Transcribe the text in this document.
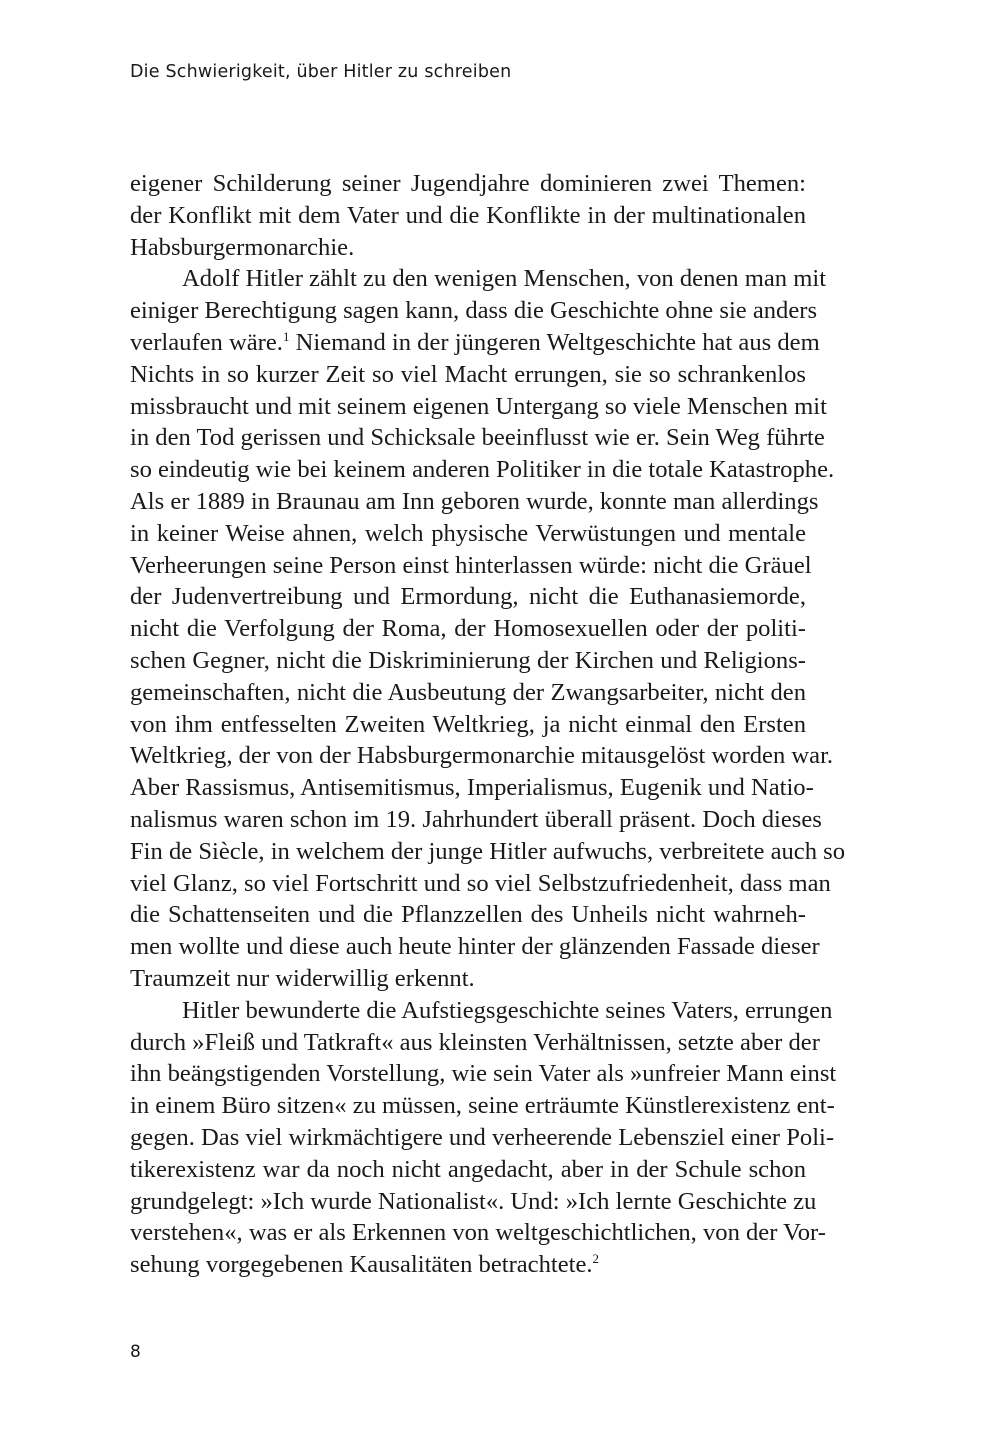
Die Schwierigkeit, über Hitler zu schreiben
eigener Schilderung seiner Jugendjahre dominieren zwei Themen:
der Konflikt mit dem Vater und die Konflikte in der multinationalen
Habsburgermonarchie.
Adolf Hitler zählt zu den wenigen Menschen, von denen man mit
einiger Berechtigung sagen kann, dass die Geschichte ohne sie anders
verlaufen wäre.$^1$ Niemand in der jüngeren Weltgeschichte hat aus dem
Nichts in so kurzer Zeit so viel Macht errungen, sie so schrankenlos
missbraucht und mit seinem eigenen Untergang so viele Menschen mit
in den Tod gerissen und Schicksale beeinflusst wie er. Sein Weg führte
so eindeutig wie bei keinem anderen Politiker in die totale Katastrophe.
Als er 1889 in Braunau am Inn geboren wurde, konnte man allerdings
in keiner Weise ahnen, welch physische Verwüstungen und mentale
Verheerungen seine Person einst hinterlassen würde: nicht die Gräuel
der Judenvertreibung und Ermordung, nicht die Euthanasiemorde,
nicht die Verfolgung der Roma, der Homosexuellen oder der politi-
schen Gegner, nicht die Diskriminierung der Kirchen und Religions-
gemeinschaften, nicht die Ausbeutung der Zwangsarbeiter, nicht den
von ihm entfesselten Zweiten Weltkrieg, ja nicht einmal den Ersten
Weltkrieg, der von der Habsburgermonarchie mitausgelöst worden war.
Aber Rassismus, Antisemitismus, Imperialismus, Eugenik und Natio-
nalismus waren schon im 19. Jahrhundert überall präsent. Doch dieses
Fin de Siècle, in welchem der junge Hitler aufwuchs, verbreitete auch so
viel Glanz, so viel Fortschritt und so viel Selbstzufriedenheit, dass man
die Schattenseiten und die Pflanzzellen des Unheils nicht wahrneh-
men wollte und diese auch heute hinter der glänzenden Fassade dieser
Traumzeit nur widerwillig erkennt.
Hitler bewunderte die Aufstiegsgeschichte seines Vaters, errungen
durch »Fleiß und Tatkraft« aus kleinsten Verhältnissen, setzte aber der
ihn beängstigenden Vorstellung, wie sein Vater als »unfreier Mann einst
in einem Büro sitzen« zu müssen, seine erträumte Künstlerexistenz ent-
gegen. Das viel wirkmächtigere und verheerende Lebensziel einer Poli-
tikerexistenz war da noch nicht angedacht, aber in der Schule schon
grundgelegt: »Ich wurde Nationalist«. Und: »Ich lernte Geschichte zu
verstehen«, was er als Erkennen von weltgeschichtlichen, von der Vor-
sehung vorgegebenen Kausalitäten betrachtete.$^2$
8
